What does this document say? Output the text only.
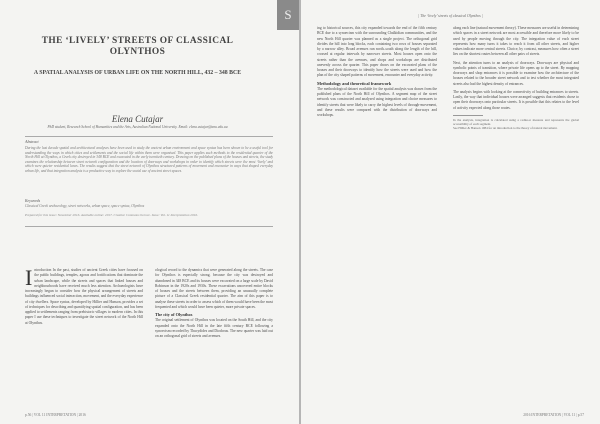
S
THE ‘LIVELY’ STREETS OF CLASSICAL OLYNTHOS
A SPATIAL ANALYSIS OF URBAN LIFE ON THE NORTH HILL, 432 – 348 BCE
Elena Cutajar
PhD student, Research School of Humanities and the Arts, Australian National University. Email: elena.cutajar@anu.edu.au
Abstract
During the last decade spatial and architectural analyses have been used to study the ancient urban environment and space syntax has been shown to be a useful tool for understanding the ways in which cities and settlements and the social life within them were organised. This paper applies such methods to the residential quarter of the North Hill at Olynthos, a Greek city destroyed in 348 BCE and excavated in the early twentieth century. Drawing on the published plans of the houses and streets, the study examines the relationship between street network configuration and the location of doorways and workshops in order to identify which streets were the most ‘lively’ and which were quieter residential lanes. The results suggest that the street network of Olynthos structured patterns of movement and encounter in ways that shaped everyday urban life, and that integration analysis is a productive way to explore the social use of ancient street spaces.
Keywords
Classical Greek archaeology, street networks, urban space, space syntax, Olynthos
Prepared for this issue: November 2016. Available online: 2017. Creative Commons licence. Issue: Vol. 11 Interpretation 2016.
Introduction In the past, studies of ancient Greek cities have focused on the public buildings, temples, agoras and fortifications that dominate the urban landscape, while the streets and spaces that linked houses and neighbourhoods have received much less attention. Archaeologists have increasingly begun to consider how the physical arrangement of streets and buildings influenced social interaction, movement, and the everyday experience of city dwellers. Space syntax, developed by Hillier and Hanson, provides a set of techniques for describing and quantifying spatial configuration, and has been applied to settlements ranging from prehistoric villages to modern cities. In this paper I use these techniques to investigate the street network of the North Hill at Olynthos.
ological record to the dynamics that were generated along the streets. The case for Olynthos is especially strong, because the city was destroyed and abandoned in 348 BCE and its houses were excavated on a large scale by David Robinson in the 1920s and 1930s. These excavations uncovered entire blocks of houses and the streets between them, providing an unusually complete picture of a Classical Greek residential quarter. The aim of this paper is to analyse these streets in order to assess which of them would have been the most frequented and which would have been quieter, more private spaces.
The city of Olynthos
The original settlement of Olynthos was located on the South Hill, and the city expanded onto the North Hill in the late fifth century BCE following a synoecism recorded by Thucydides and Diodorus. The new quarter was laid out on an orthogonal grid of streets and avenues.
p.56 | VOL 11 INTERPRETATION | 2016
| The ‘lively’ streets of classical Olynthos |
ing to historical sources, this city expanded towards the end of the fifth century BCE due to a synoecism with the surrounding Chalkidian communities, and the new North Hill quarter was planned as a single project. The orthogonal grid divides the hill into long blocks, each containing two rows of houses separated by a narrow alley. Broad avenues run north–south along the length of the hill, crossed at regular intervals by narrower streets. Most houses open onto the streets rather than the avenues, and shops and workshops are distributed unevenly across the quarter. This paper draws on the excavated plans of the houses and their doorways to identify how the streets were used and how the plan of the city shaped patterns of movement, encounter and everyday activity.
Methodology and theoretical framework
The methodological dataset available for the spatial analysis was drawn from the published plans of the North Hill of Olynthos. A segment map of the street network was constructed and analysed using integration and choice measures to identify streets that were likely to carry the highest levels of through-movement, and these results were compared with the distribution of doorways and workshops.
along each line (natural movement theory). These measures are useful in determining which spaces in a street network are most accessible and therefore more likely to be used by people moving through the city. The integration value of each street represents how many turns it takes to reach it from all other streets, and higher values indicate more central streets. Choice, by contrast, measures how often a street lies on the shortest routes between all other pairs of streets.

Next, the attention turns to an analysis of doorways. Doorways are physical and symbolic points of transition, where private life opens up to the street. By mapping doorways and shop entrances it is possible to examine how the architecture of the houses related to the broader street network and to test whether the most integrated streets also had the highest density of entrances.

The analysis begins with looking at the connectivity of building entrances to streets. Lastly, the way that individual houses were arranged suggests that residents chose to open their doorways onto particular streets. It is possible that this relates to the level of activity expected along those routes.

In the analysis, integration is calculated using a radius-n measure and represents the global accessibility of each segment.
See Hillier & Hanson 1984 for an introduction to the theory of natural movement.
2016 INTERPRETATION | VOL 11 | p.57
